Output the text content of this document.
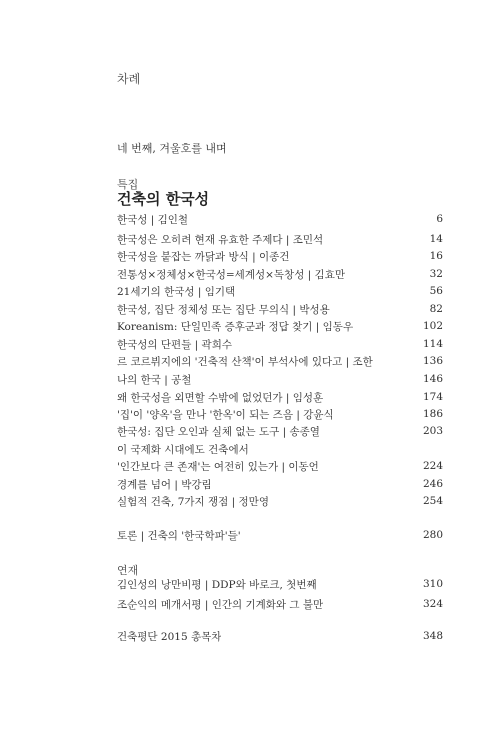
차례
네 번째, 겨울호를 내며
특집
건축의 한국성
한국성 | 김인철	6
한국성은 오히려 현재 유효한 주제다 | 조민석	14
한국성을 붙잡는 까닭과 방식 | 이종건	16
전통성×정체성×한국성=세계성×독창성 | 김효만	32
21세기의 한국성 | 임기택	56
한국성, 집단 정체성 또는 집단 무의식 | 박성용	82
Koreanism: 단일민족 증후군과 정답 찾기 | 임동우	102
한국성의 단편들 | 곽희수	114
르 코르뷔지에의 '건축적 산책'이 부석사에 있다고 | 조한	136
나의 한국 | 공철	146
왜 한국성을 외면할 수밖에 없었던가 | 임성훈	174
'집'이 '양옥'을 만나 '한옥'이 되는 즈음 | 강윤식	186
한국성: 집단 오인과 실체 없는 도구 | 송종열	203
이 국제화 시대에도 건축에서
'인간보다 큰 존재'는 여전히 있는가 | 이동언	224
경계를 넘어 | 박강림	246
실험적 건축, 7가지 쟁점 | 정만영	254
토론 | 건축의 '한국학파'들'	280
연재
김인성의 낭만비평 | DDP와 바로크, 첫번째	310
조순익의 메개서평 | 인간의 기계화와 그 불만	324
건축평단 2015 총목차	348
